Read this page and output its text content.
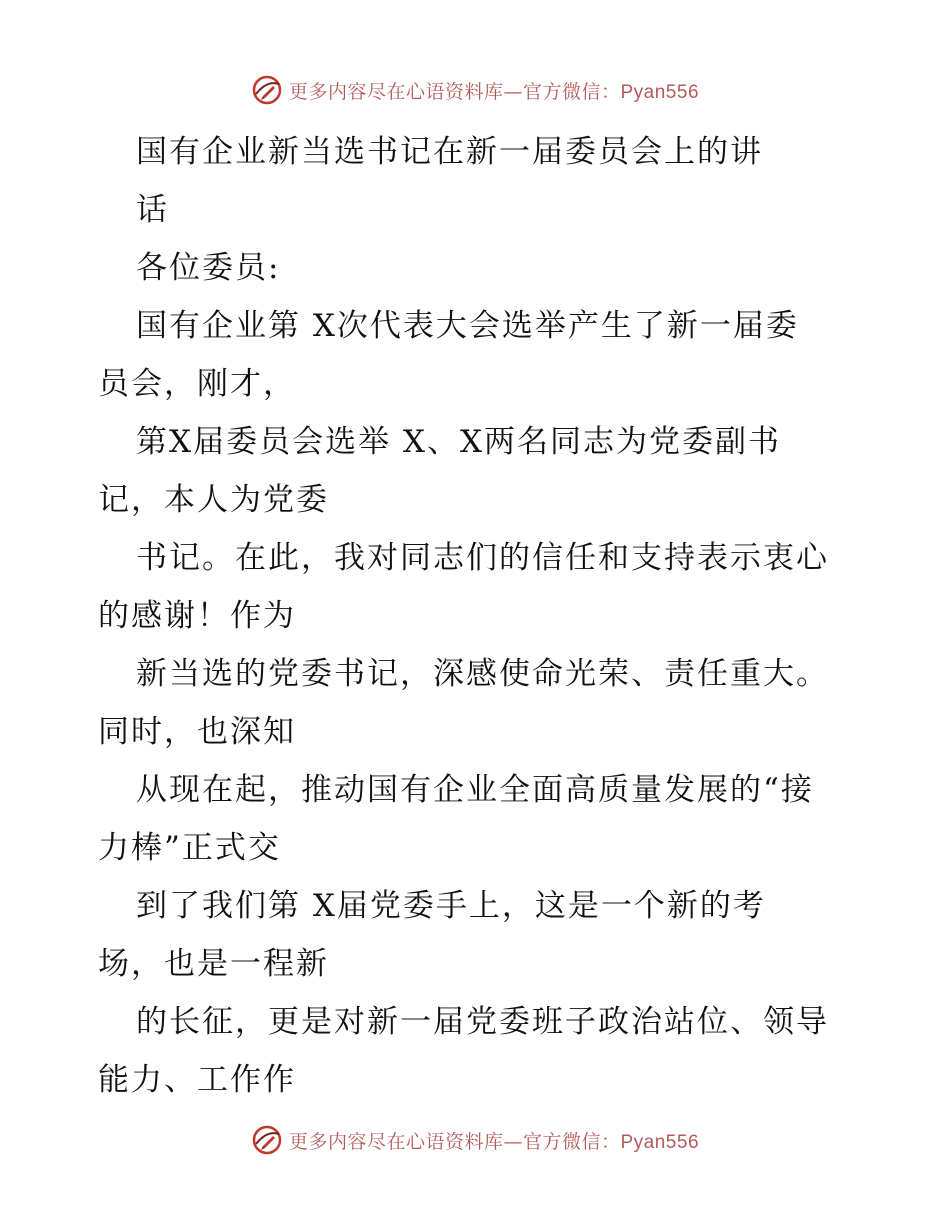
更多内容尽在心语资料库—官方微信：Pyan556
国有企业新当选书记在新一届委员会上的讲
话
各位委员:
国有企业第 X次代表大会选举产生了新一届委
员会，刚才，
第X届委员会选举 X、X两名同志为党委副书
记，本人为党委
书记。在此，我对同志们的信任和支持表示衷心
的感谢！作为
新当选的党委书记，深感使命光荣、责任重大。
同时，也深知
从现在起，推动国有企业全面高质量发展的“接
力棒”正式交
到了我们第 X届党委手上，这是一个新的考
场，也是一程新
的长征，更是对新一届党委班子政治站位、领导
能力、工作作
更多内容尽在心语资料库—官方微信：Pyan556
